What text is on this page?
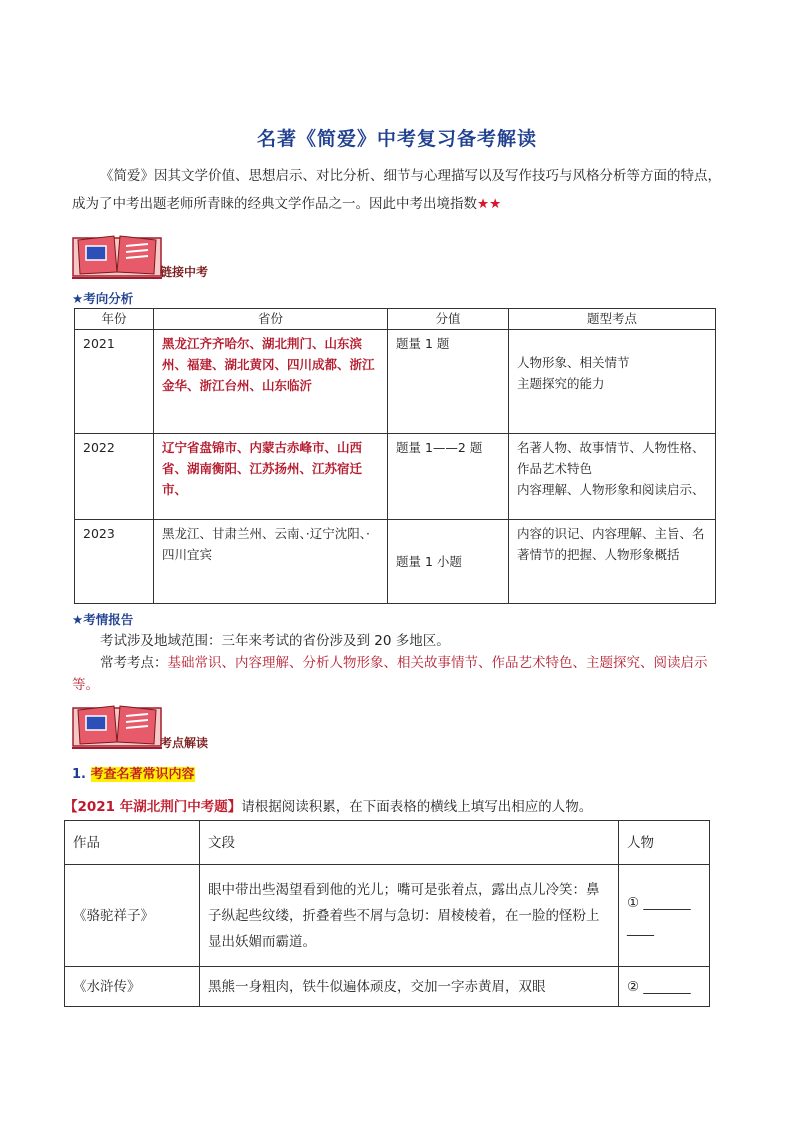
名著《简爱》中考复习备考解读
《简爱》因其文学价值、思想启示、对比分析、细节与心理描写以及写作技巧与风格分析等方面的特点，成为了中考出题老师所青睐的经典文学作品之一。因此中考出境指数★★
链接中考
★考向分析
年份	省份	分值	题型考点
2021	黑龙江齐齐哈尔、湖北荆门、山东滨州、福建、湖北黄冈、四川成都、浙江金华、浙江台州、山东临沂	题量 1 题	人物形象、相关情节
主题探究的能力
2022	辽宁省盘锦市、内蒙古赤峰市、山西省、湖南衡阳、江苏扬州、江苏宿迁市、	题量 1——2 题	名著人物、故事情节、人物性格、作品艺术特色
内容理解、人物形象和阅读启示、
2023	黑龙江、甘肃兰州、云南、·辽宁沈阳、·四川宜宾	题量 1 小题	内容的识记、内容理解、主旨、名著情节的把握、人物形象概括
★考情报告
考试涉及地域范围：三年来考试的省份涉及到 20 多地区。
常考考点：基础常识、内容理解、分析人物形象、相关故事情节、作品艺术特色、主题探究、阅读启示等。
考点解读
1. 考查名著常识内容
【2021 年湖北荆门中考题】请根据阅读积累，在下面表格的横线上填写出相应的人物。
作品	文段	人物
《骆驼祥子》	眼中带出些渴望看到他的光儿；嘴可是张着点，露出点儿冷笑：鼻子纵起些纹缕，折叠着些不屑与急切：眉棱棱着，在一脸的怪粉上显出妖媚而霸道。	① _______
____
《水浒传》	黑熊一身粗肉，铁牛似遍体顽皮，交加一字赤黄眉，双眼	② _______
